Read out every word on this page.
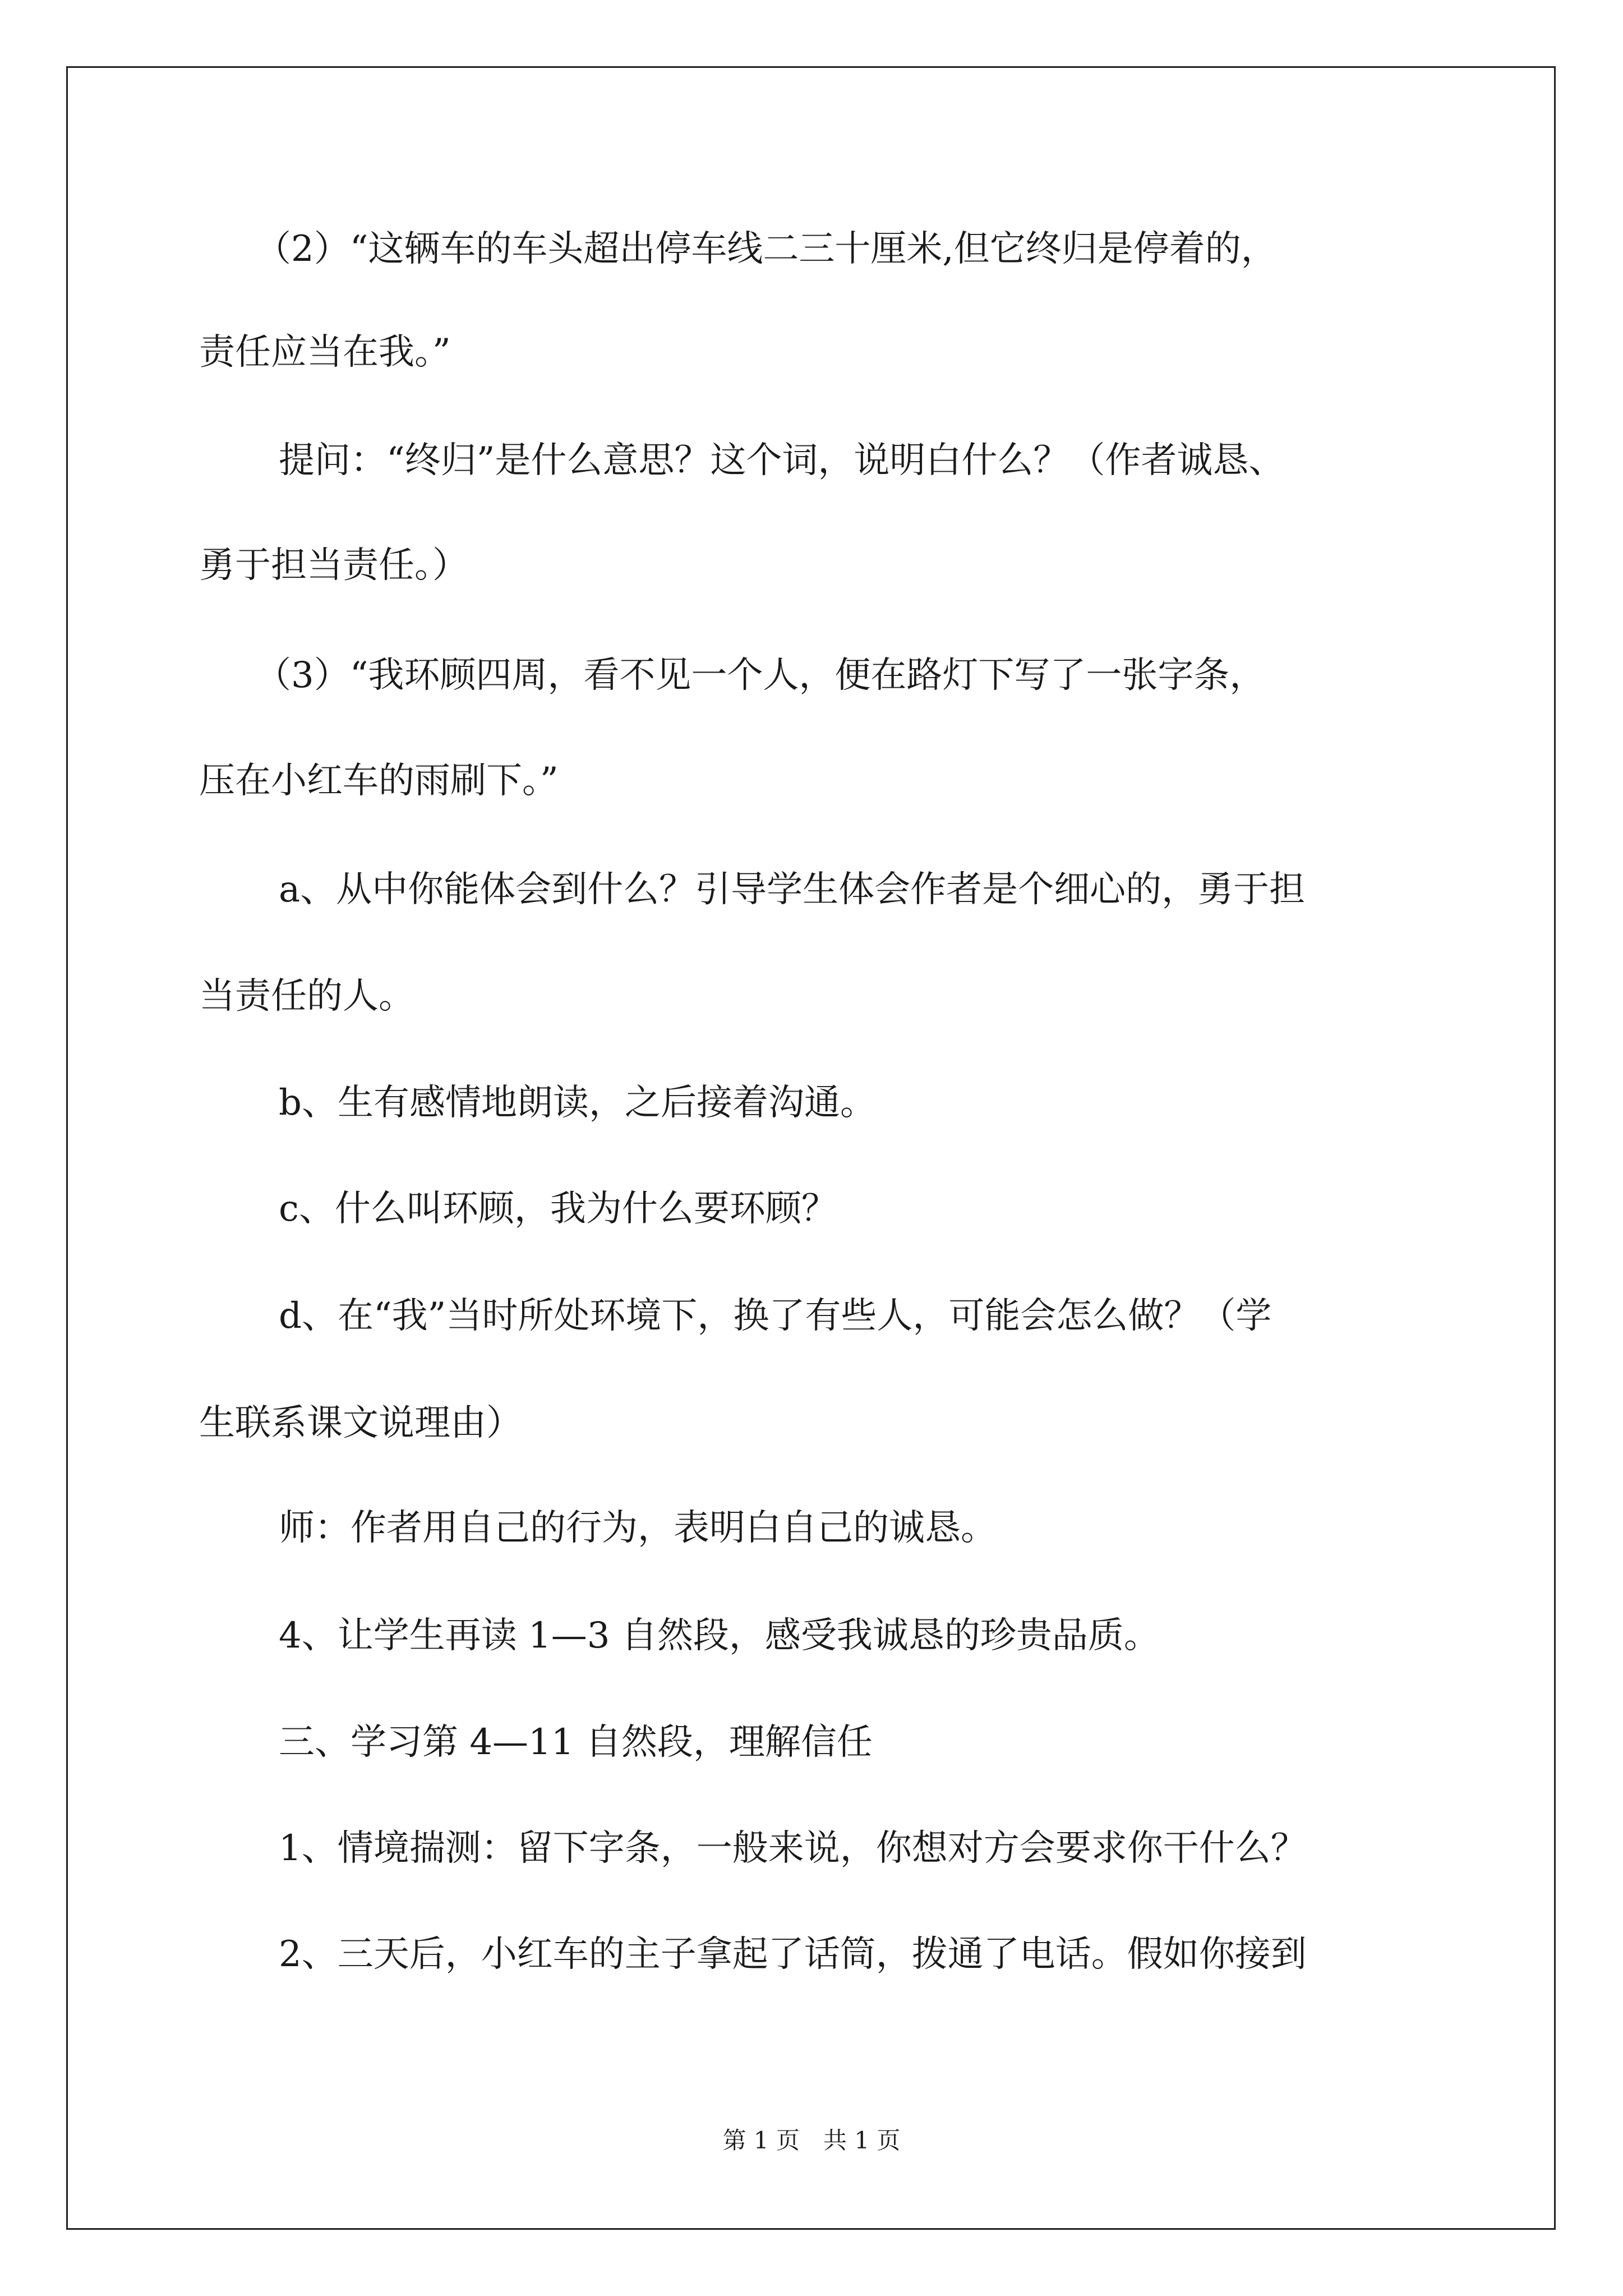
（2）“这辆车的车头超出停车线二三十厘米,但它终归是停着的，
责任应当在我。”
提问：“终归”是什么意思？这个词，说明白什么？（作者诚恳、
勇于担当责任。）
（3）“我环顾四周，看不见一个人，便在路灯下写了一张字条，
压在小红车的雨刷下。”
a、从中你能体会到什么？引导学生体会作者是个细心的，勇于担
当责任的人。
b、生有感情地朗读，之后接着沟通。
c、什么叫环顾，我为什么要环顾？
d、在“我”当时所处环境下，换了有些人，可能会怎么做？（学
生联系课文说理由）
师：作者用自己的行为，表明白自己的诚恳。
4、让学生再读 1—3 自然段，感受我诚恳的珍贵品质。
三、学习第 4—11 自然段，理解信任
1、情境揣测：留下字条，一般来说，你想对方会要求你干什么？
2、三天后，小红车的主子拿起了话筒，拨通了电话。假如你接到
第 1 页　共 1 页
